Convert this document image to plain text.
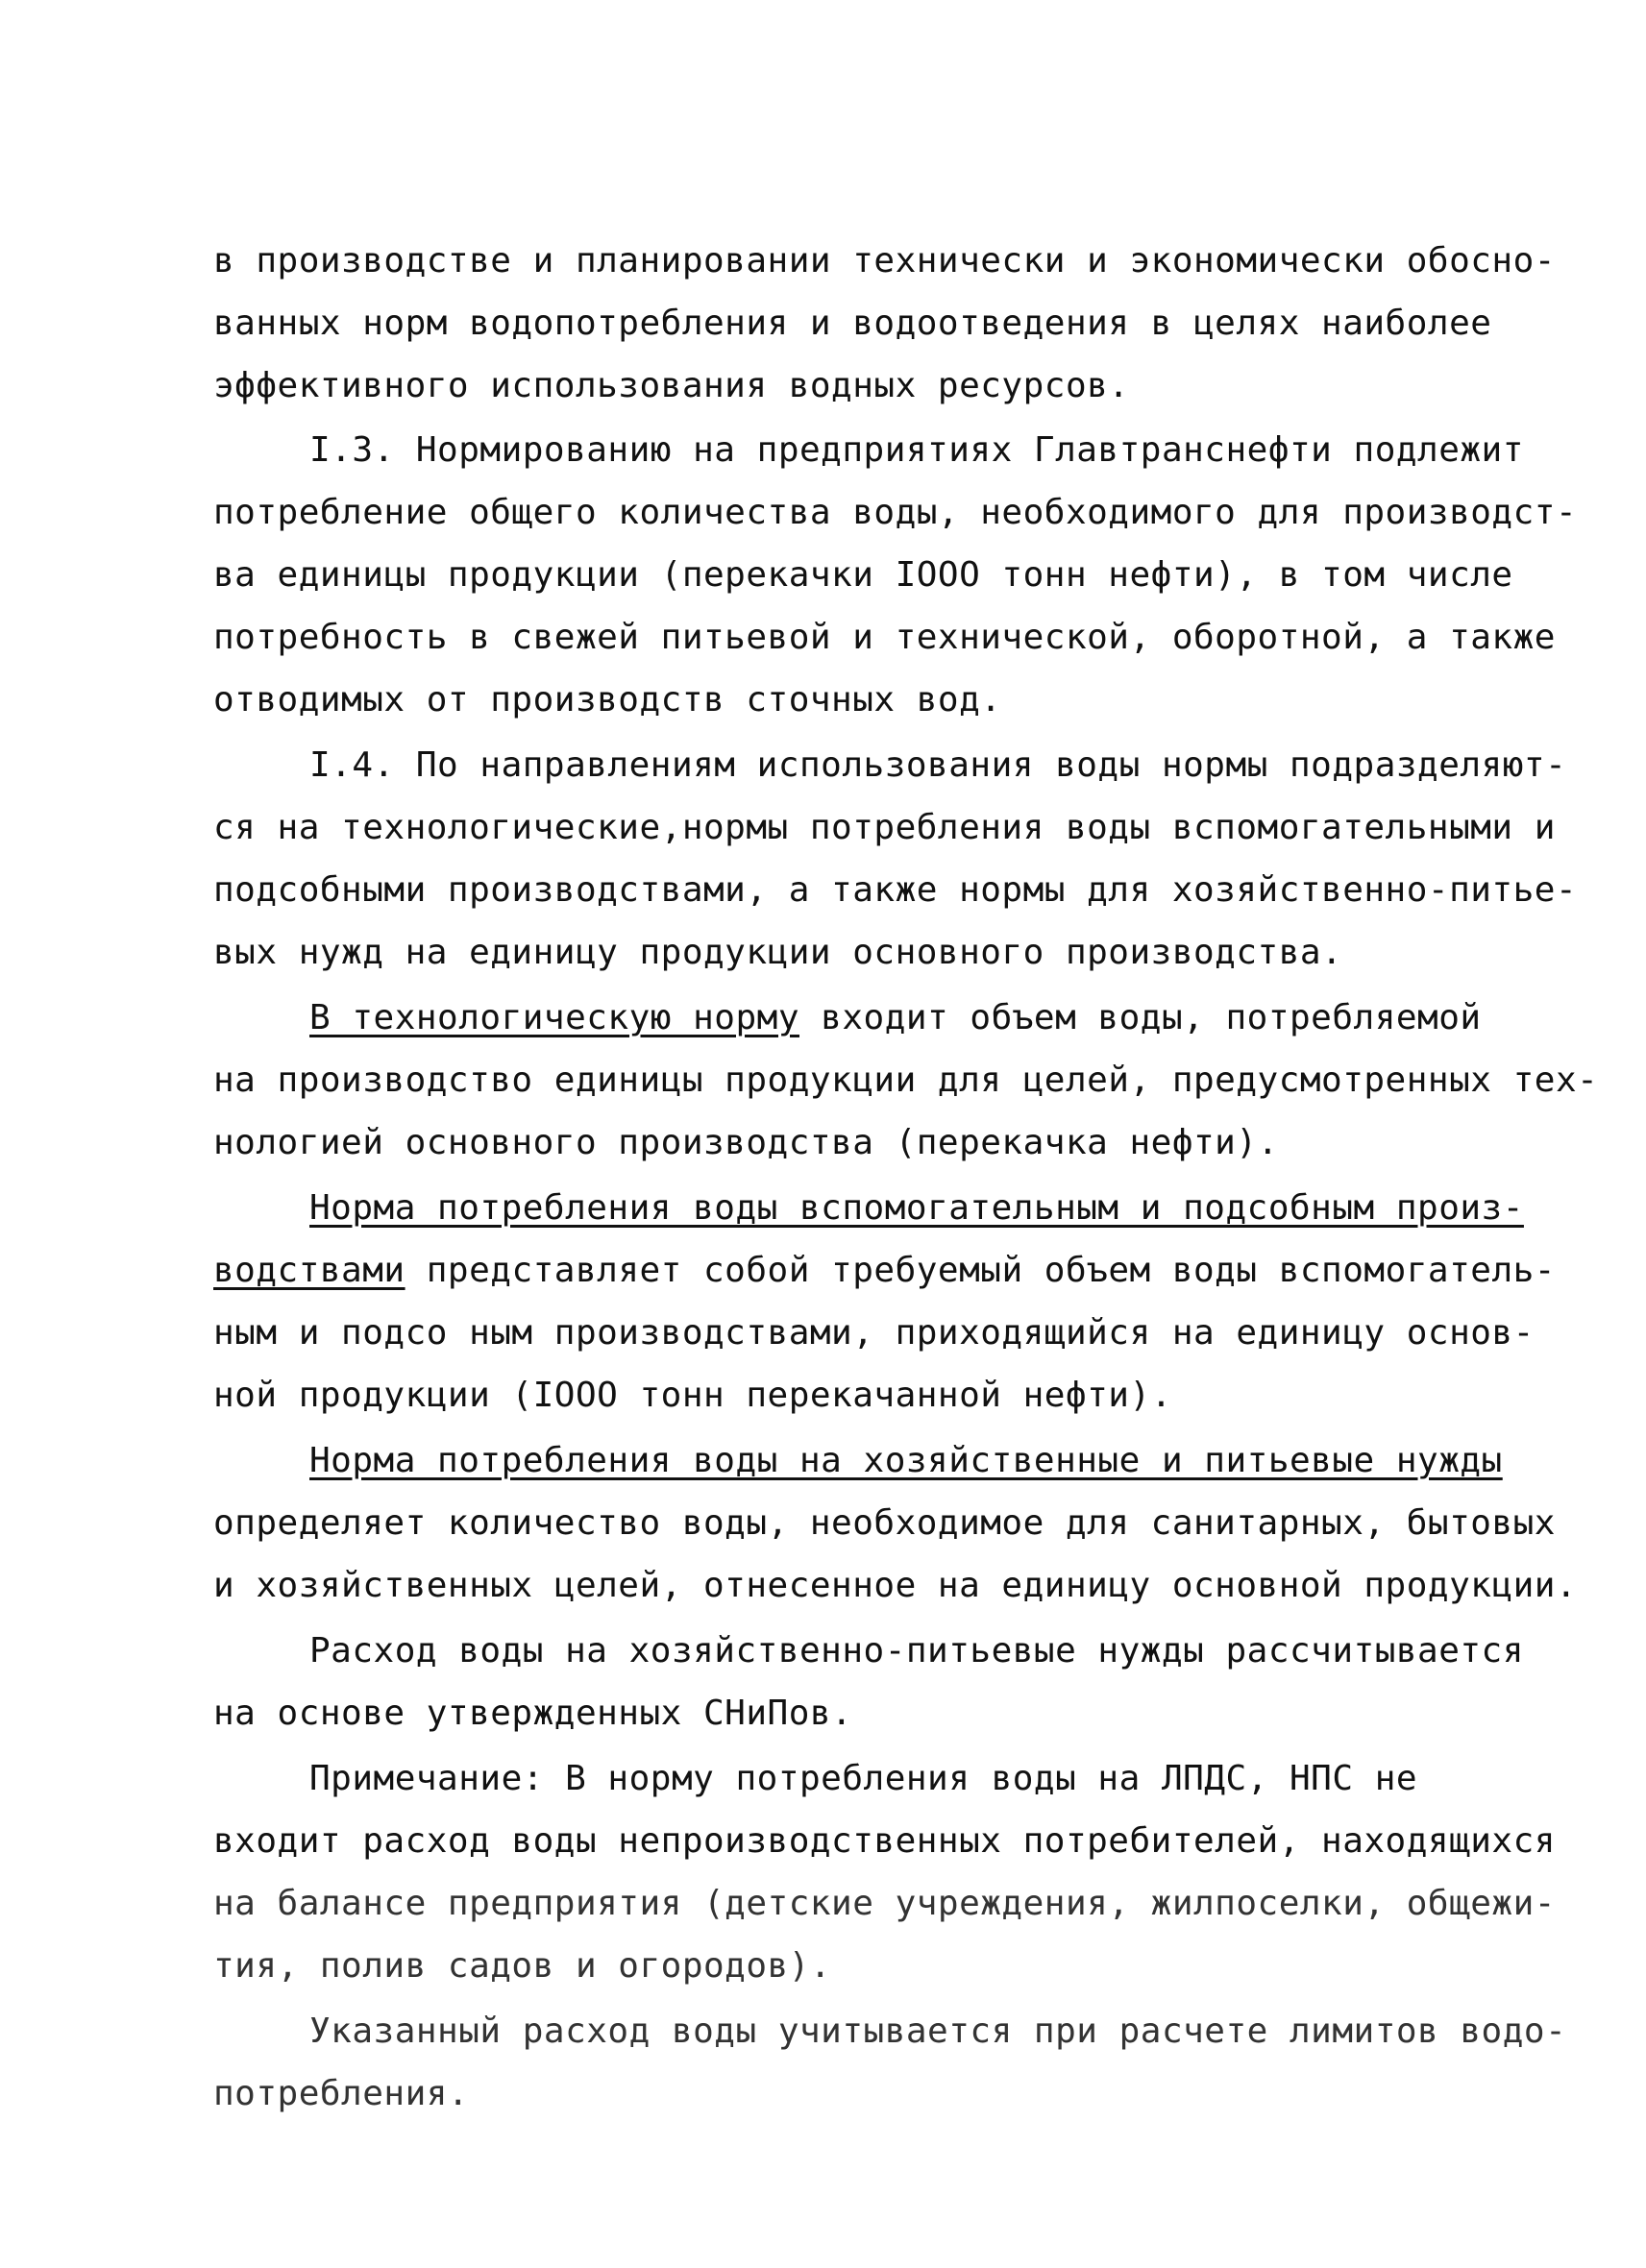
в производстве и планировании технически и экономически обосно-
ванных норм водопотребления и водоотведения в целях наиболее
эффективного использования водных ресурсов.
I.3. Нормированию на предприятиях Главтранснефти подлежит
потребление общего количества воды, необходимого для производст-
ва единицы продукции (перекачки IOOO тонн нефти), в том числе
потребность в свежей питьевой и технической, оборотной, а также
отводимых от производств сточных вод.
I.4. По направлениям использования воды нормы подразделяют-
ся на технологические,нормы потребления воды вспомогательными и
подсобными производствами, а также нормы для хозяйственно-питье-
вых нужд на единицу продукции основного производства.
В технологическую норму входит объем воды, потребляемой
на производство единицы продукции для целей, предусмотренных тех-
нологией основного производства (перекачка нефти).
Норма потребления воды вспомогательным и подсобным произ-
водствами представляет собой требуемый объем воды вспомогатель-
ным и подсо ным производствами, приходящийся на единицу основ-
ной продукции (IOOO тонн перекачанной нефти).
Норма потребления воды на хозяйственные и питьевые нужды
определяет количество воды, необходимое для санитарных, бытовых
и хозяйственных целей, отнесенное на единицу основной продукции.
Расход воды на хозяйственно-питьевые нужды рассчитывается
на основе утвержденных СНиПов.
Примечание: В норму потребления воды на ЛПДС, НПС не
входит расход воды непроизводственных потребителей, находящихся
на балансе предприятия (детские учреждения, жилпоселки, общежи-
тия, полив садов и огородов).
Указанный расход воды учитывается при расчете лимитов водо-
потребления.
